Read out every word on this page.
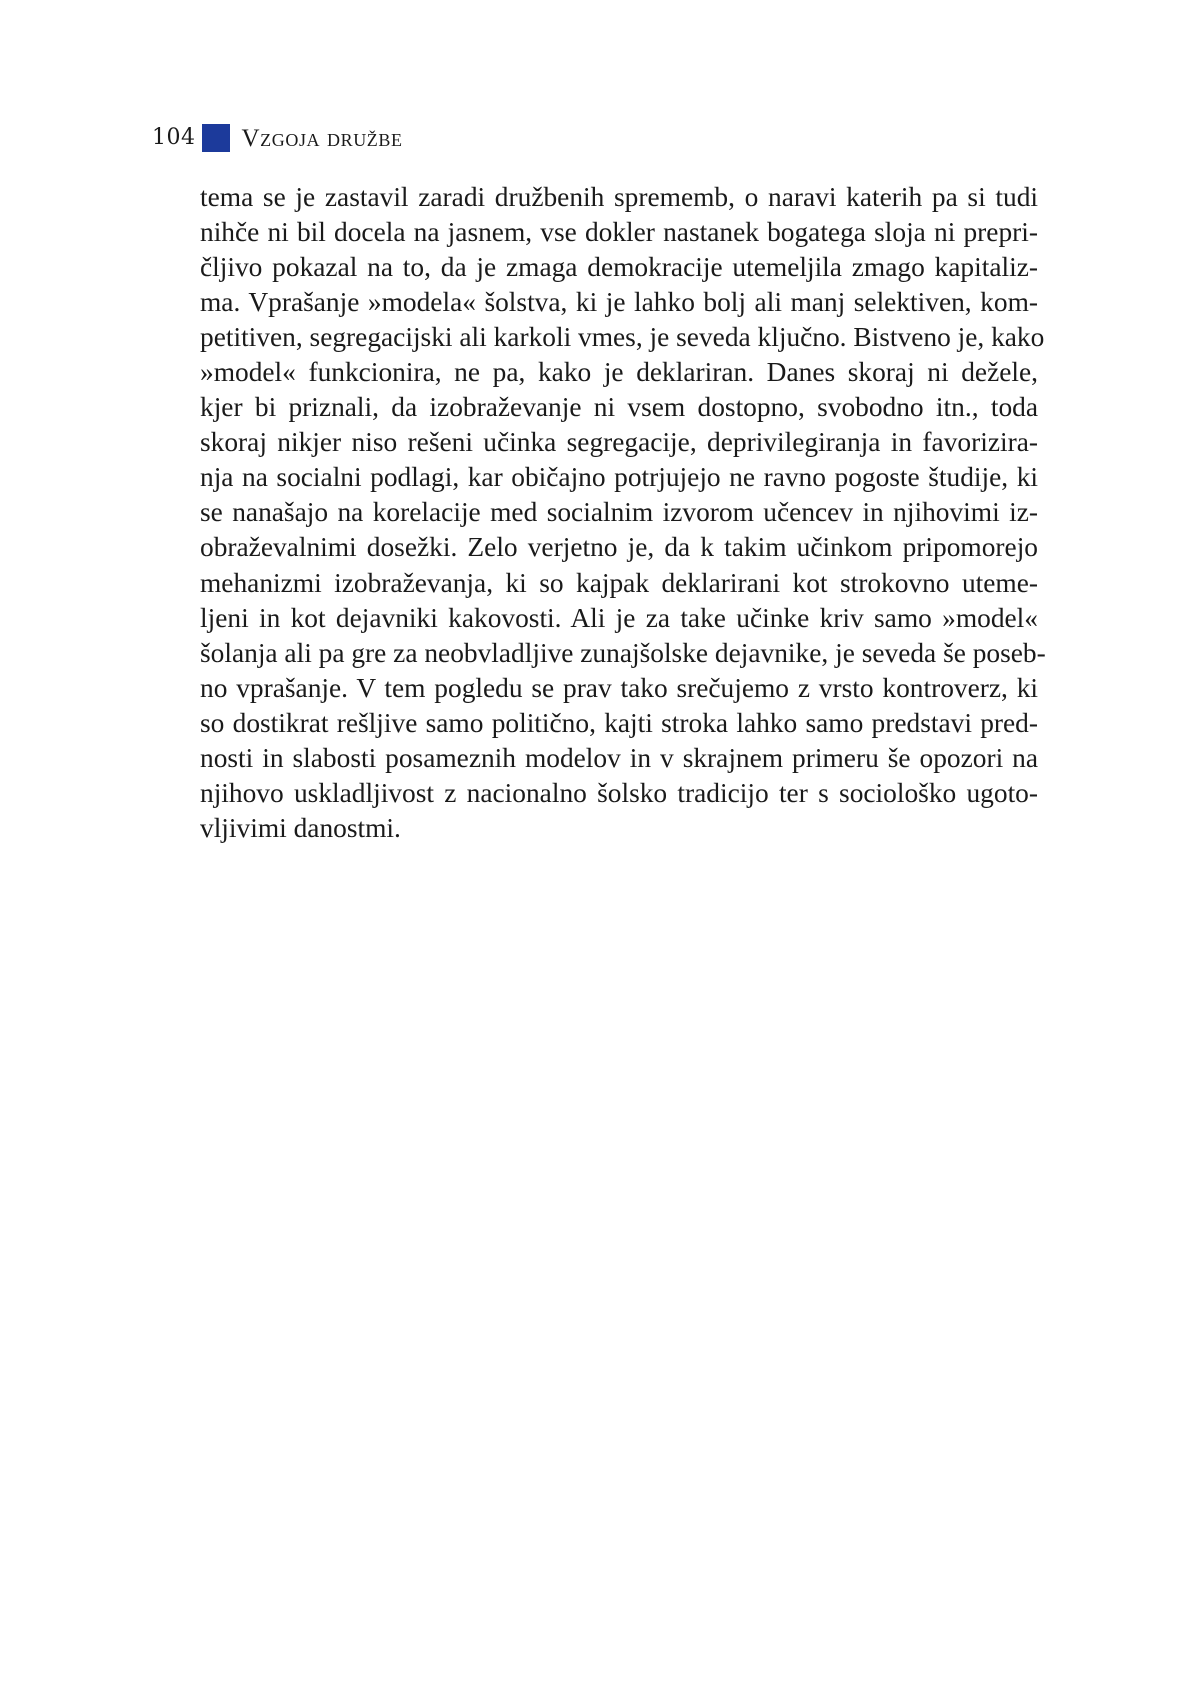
104 Vzgoja družbe
tema se je zastavil zaradi družbenih sprememb, o naravi katerih pa si tudi
nihče ni bil docela na jasnem, vse dokler nastanek bogatega sloja ni prepri-
čljivo pokazal na to, da je zmaga demokracije utemeljila zmago kapitaliz-
ma. Vprašanje »modela« šolstva, ki je lahko bolj ali manj selektiven, kom-
petitiven, segregacijski ali karkoli vmes, je seveda ključno. Bistveno je, kako
»model« funkcionira, ne pa, kako je deklariran. Danes skoraj ni dežele,
kjer bi priznali, da izobraževanje ni vsem dostopno, svobodno itn., toda
skoraj nikjer niso rešeni učinka segregacije, deprivilegiranja in favorizira-
nja na socialni podlagi, kar običajno potrjujejo ne ravno pogoste študije, ki
se nanašajo na korelacije med socialnim izvorom učencev in njihovimi iz-
obraževalnimi dosežki. Zelo verjetno je, da k takim učinkom pripomorejo
mehanizmi izobraževanja, ki so kajpak deklarirani kot strokovno uteme-
ljeni in kot dejavniki kakovosti. Ali je za take učinke kriv samo »model«
šolanja ali pa gre za neobvladljive zunajšolske dejavnike, je seveda še poseb-
no vprašanje. V tem pogledu se prav tako srečujemo z vrsto kontroverz, ki
so dostikrat rešljive samo politično, kajti stroka lahko samo predstavi pred-
nosti in slabosti posameznih modelov in v skrajnem primeru še opozori na
njihovo uskladljivost z nacionalno šolsko tradicijo ter s sociološko ugoto-
vljivimi danostmi.
